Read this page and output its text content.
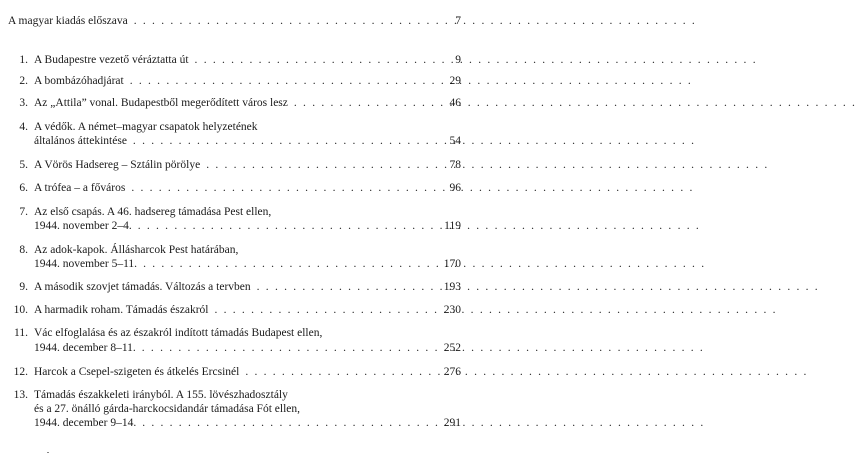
A magyar kiadás előszava . . .	7
1. A Budapestre vezető véráztatta út . . .	9
2. A bombázóhadjárat . . .	29
3. Az „Attila” vonal. Budapestből megerődített város lesz . . .	46
4. A védők. A német–magyar csapatok helyzetének
általános áttekintése . . .	54
5. A Vörös Hadsereg – Sztálin pörölye . . .	78
6. A trófea – a főváros . . .	96
7. Az első csapás. A 46. hadsereg támadása Pest ellen,
1944. november 2–4. . . .	119
8. Az adok-kapok. Állásharcok Pest határában,
1944. november 5–11. . . .	170
9. A második szovjet támadás. Változás a tervben . . .	193
10. A harmadik roham. Támadás északról . . .	230
11. Vác elfoglalása és az északról indított támadás Budapest ellen,
1944. december 8–11. . . .	252
12. Harcok a Csepel-szigeten és átkelés Ercsinél . . .	276
13. Támadás északkeleti irányból. A 155. lövészhadosztály
és a 27. önálló gárda-harckocsidandár támadása Fót ellen,
1944. december 9–14. . . .	291
